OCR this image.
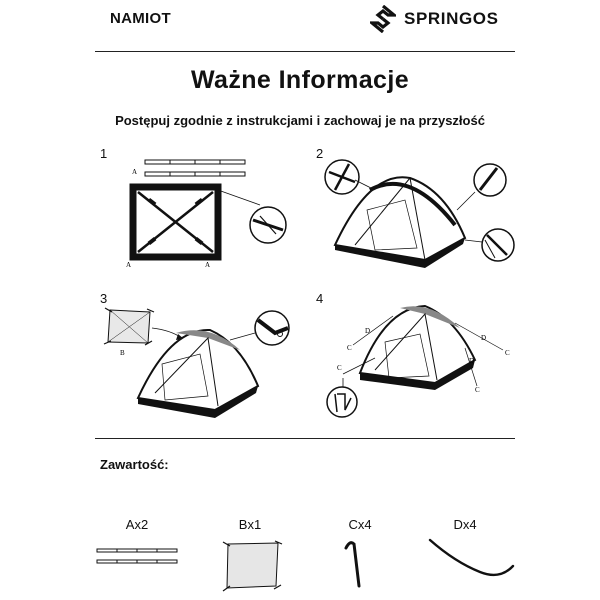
NAMIOT	SPRINGOS
Ważne Informacje
Postępuj zgodnie z instrukcjami i zachowaj je na przyszłość
1
A
A	A
2
3
B
4
D
D
D
C
C
C
C
Zawartość:
Ax2	Bx1	Cx4	Dx4
